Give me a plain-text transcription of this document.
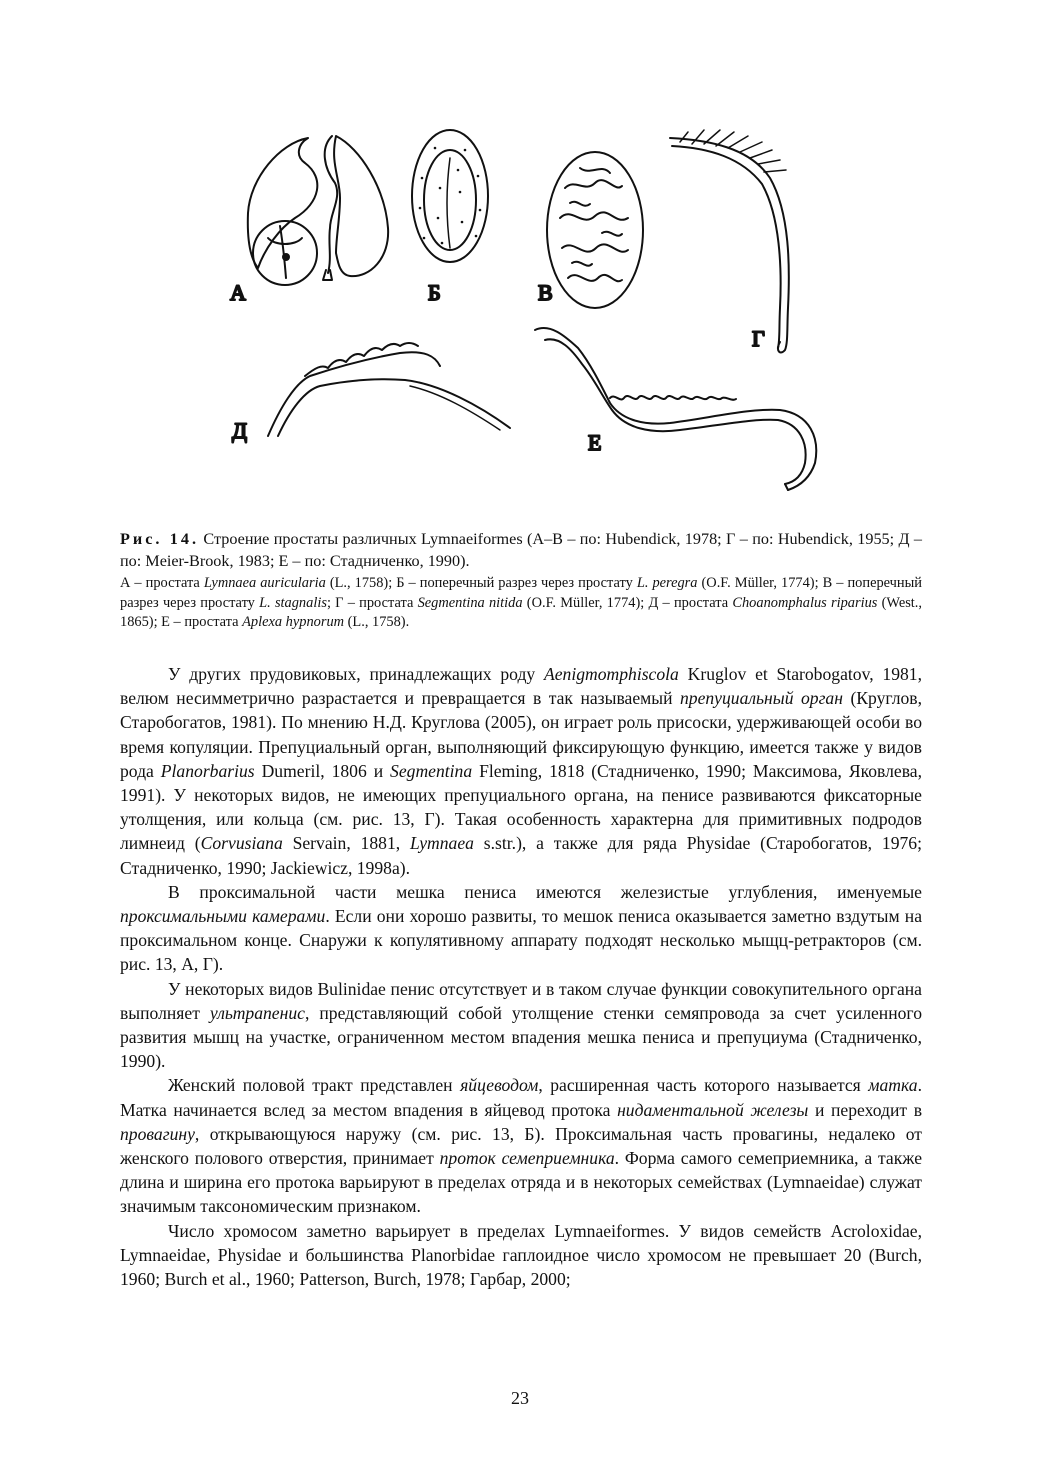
А	Б	В
Г
Д	Е

Рис. 14. Строение простаты различных Lymnaeiformes (А–В – по: Hubendick, 1978; Г – по: Hubendick, 1955; Д – по: Meier-Brook, 1983; Е – по: Стадниченко, 1990).

А – простата Lymnaea auricularia (L., 1758); Б – поперечный разрез через простату L. peregra (O.F. Müller, 1774); В – поперечный разрез через простату L. stagnalis; Г – простата Segmentina nitida (O.F. Müller, 1774); Д – простата Choanomphalus riparius (West., 1865); Е – простата Aplexa hypnorum (L., 1758).

У других прудовиковых, принадлежащих роду Aenigmomphiscola Kruglov et Starobogatov, 1981, велюм несимметрично разрастается и превращается в так называемый препуциальный орган (Круглов, Старобогатов, 1981). По мнению Н.Д. Круглова (2005), он играет роль присоски, удерживающей особи во время копуляции. Препуциальный орган, выполняющий фиксирующую функцию, имеется также у видов рода Planorbarius Dumeril, 1806 и Segmentina Fleming, 1818 (Стадниченко, 1990; Максимова, Яковлева, 1991). У некоторых видов, не имеющих препуциального органа, на пенисе развиваются фиксаторные утолщения, или кольца (см. рис. 13, Г). Такая особенность характерна для примитивных подродов лимнеид (Corvusiana Servain, 1881, Lymnaea s.str.), а также для ряда Physidae (Старобогатов, 1976; Стадниченко, 1990; Jackiewicz, 1998a).

В проксимальной части мешка пениса имеются железистые углубления, именуемые проксимальными камерами. Если они хорошо развиты, то мешок пениса оказывается заметно вздутым на проксимальном конце. Снаружи к копулятивному аппарату подходят несколько мыщц-ретракторов (см. рис. 13, А, Г).

У некоторых видов Bulinidae пенис отсутствует и в таком случае функции совокупительного органа выполняет ультрапенис, представляющий собой утолщение стенки семяпровода за счет усиленного развития мышц на участке, ограниченном местом впадения мешка пениса и препуциума (Стадниченко, 1990).

Женский половой тракт представлен яйцеводом, расширенная часть которого называется матка. Матка начинается вслед за местом впадения в яйцевод протока нидаментальной железы и переходит в провагину, открывающуюся наружу (см. рис. 13, Б). Проксимальная часть провагины, недалеко от женского полового отверстия, принимает проток семеприемника. Форма самого семеприемника, а также длина и ширина его протока варьируют в пределах отряда и в некоторых семействах (Lymnaeidae) служат значимым таксономическим признаком.

Число хромосом заметно варьирует в пределах Lymnaeiformes. У видов семейств Acroloxidae, Lymnaeidae, Physidae и большинства Planorbidae гаплоидное число хромосом не превышает 20 (Burch, 1960; Burch et al., 1960; Patterson, Burch, 1978; Гарбар, 2000;

23
